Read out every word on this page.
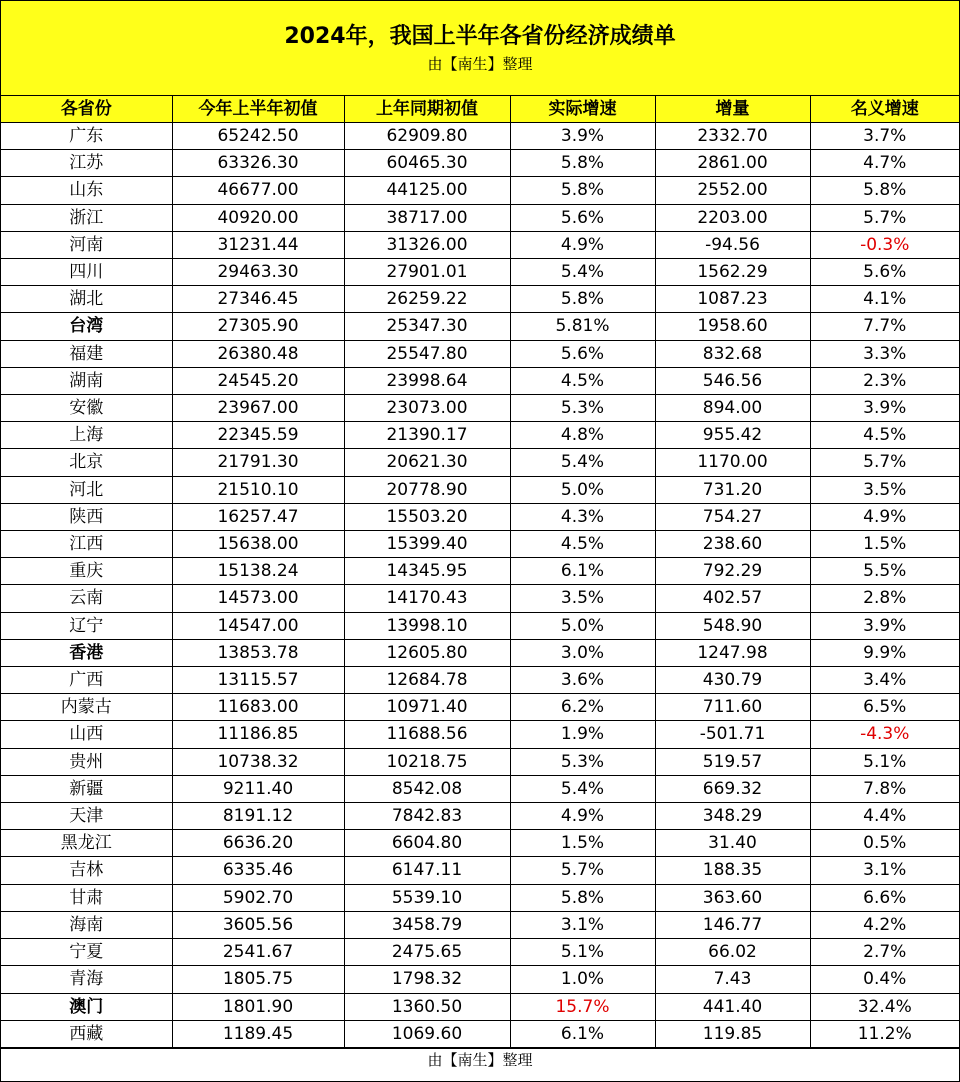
2024年，我国上半年各省份经济成绩单
由【南生】整理
各省份	今年上半年初值	上年同期初值	实际增速	增量	名义增速
广东	65242.50	62909.80	3.9%	2332.70	3.7%
江苏	63326.30	60465.30	5.8%	2861.00	4.7%
山东	46677.00	44125.00	5.8%	2552.00	5.8%
浙江	40920.00	38717.00	5.6%	2203.00	5.7%
河南	31231.44	31326.00	4.9%	-94.56	-0.3%
四川	29463.30	27901.01	5.4%	1562.29	5.6%
湖北	27346.45	26259.22	5.8%	1087.23	4.1%
台湾	27305.90	25347.30	5.81%	1958.60	7.7%
福建	26380.48	25547.80	5.6%	832.68	3.3%
湖南	24545.20	23998.64	4.5%	546.56	2.3%
安徽	23967.00	23073.00	5.3%	894.00	3.9%
上海	22345.59	21390.17	4.8%	955.42	4.5%
北京	21791.30	20621.30	5.4%	1170.00	5.7%
河北	21510.10	20778.90	5.0%	731.20	3.5%
陕西	16257.47	15503.20	4.3%	754.27	4.9%
江西	15638.00	15399.40	4.5%	238.60	1.5%
重庆	15138.24	14345.95	6.1%	792.29	5.5%
云南	14573.00	14170.43	3.5%	402.57	2.8%
辽宁	14547.00	13998.10	5.0%	548.90	3.9%
香港	13853.78	12605.80	3.0%	1247.98	9.9%
广西	13115.57	12684.78	3.6%	430.79	3.4%
内蒙古	11683.00	10971.40	6.2%	711.60	6.5%
山西	11186.85	11688.56	1.9%	-501.71	-4.3%
贵州	10738.32	10218.75	5.3%	519.57	5.1%
新疆	9211.40	8542.08	5.4%	669.32	7.8%
天津	8191.12	7842.83	4.9%	348.29	4.4%
黑龙江	6636.20	6604.80	1.5%	31.40	0.5%
吉林	6335.46	6147.11	5.7%	188.35	3.1%
甘肃	5902.70	5539.10	5.8%	363.60	6.6%
海南	3605.56	3458.79	3.1%	146.77	4.2%
宁夏	2541.67	2475.65	5.1%	66.02	2.7%
青海	1805.75	1798.32	1.0%	7.43	0.4%
澳门	1801.90	1360.50	15.7%	441.40	32.4%
西藏	1189.45	1069.60	6.1%	119.85	11.2%
由【南生】整理
